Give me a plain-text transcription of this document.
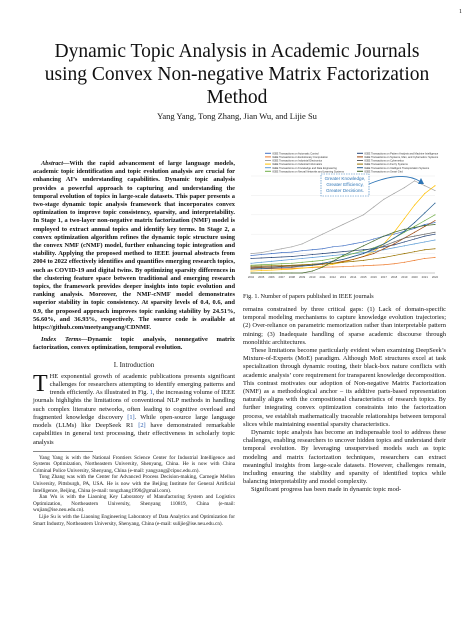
1
Dynamic Topic Analysis in Academic Journals
using Convex Non-negative Matrix Factorization
Method
Yang Yang, Tong Zhang, Jian Wu, and Lijie Su

Abstract—With the rapid advancement of large language models, academic topic identification and topic evolution analysis are crucial for enhancing AI’s understanding capabilities. Dynamic topic analysis provides a powerful approach to capturing and understanding the temporal evolution of topics in large-scale datasets. This paper presents a two-stage dynamic topic analysis framework that incorporates convex optimization to improve topic consistency, sparsity, and interpretability. In Stage 1, a two-layer non-negative matrix factorization (NMF) model is employed to extract annual topics and identify key terms. In Stage 2, a convex optimization algorithm refines the dynamic topic structure using the convex NMF (cNMF) model, further enhancing topic integration and stability. Applying the proposed method to IEEE journal abstracts from 2004 to 2022 effectively identifies and quantifies emerging research topics, such as COVID-19 and digital twins. By optimizing sparsity differences in the clustering feature space between traditional and emerging research topics, the framework provides deeper insights into topic evolution and ranking analysis. Moreover, the NMF-cNMF model demonstrates superior stability in topic consistency. At sparsity levels of 0.4, 0.6, and 0.9, the proposed approach improves topic ranking stability by 24.51%, 56.60%, and 36.93%, respectively. The source code is available at https://github.com/meetyangyang/CDNMF.

Index Terms—Dynamic topic analysis, nonnegative matrix factorization, convex optimization, temporal evolution.

I. Introduction

THE exponential growth of academic publications presents significant challenges for researchers attempting to identify emerging patterns and trends efficiently. As illustrated in Fig. 1, the increasing volume of IEEE journals highlights the limitations of conventional NLP methods in handling such complex literature networks, often leading to cognitive overload and fragmented knowledge discovery [1]. While open-source large language models (LLMs) like DeepSeek R1 [2] have demonstrated remarkable capabilities in general text processing, their effectiveness in scholarly topic analysis

Yang Yang is with the National Frontiers Science Center for Industrial Intelligence and Systems Optimization, Northeastern University, Shenyang, China. He is now with China Criminal Police University, Shenyang, China (e-mail: yangyang@cipuc.edu.cn).

Tong Zhang was with the Center for Advanced Process Decision-making, Carnegie Mellon University, Pittsburgh, PA, USA. He is now with the Beijing Institute for General Artificial Intelligence, Beijing, China (e-mail: tongzhang1990@gmail.com).

Jian Wu is with the Liaoning Key Laboratory of Manufacturing System and Logistics Optimization, Northeastern University, Shenyang 110819, China (e-mail: wujian@ise.neu.edu.cn).

Lijie Su is with the Liaoning Engineering Laboratory of Data Analytics and Optimization for Smart Industry, Northeastern University, Shenyang, China (e-mail: sulijie@ise.neu.edu.cn).

IEEE Transactions on Automatic Control
IEEE Transactions on Evolutionary Computation
IEEE Transactions on Industrial Electronics
IEEE Transactions on Industrial Informatics
IEEE Transactions on Knowledge and Data Engineering
IEEE Transactions on Neural Networks and Learning Systems
IEEE Transactions on Pattern Analysis and Machine Intelligence
IEEE Transactions on Systems, Man, and Cybernetics: Systems
IEEE Transactions on Cybernetics
IEEE Transactions on Fuzzy Systems
IEEE Transactions on Intelligent Transportation Systems
IEEE Transactions on Smart Grid
2004 2005 2006 2007 2008 2009 2010 2011 2012 2013 2014 2015 2016 2017 2018 2019 2020 2021 2022
Greater Knowledge,
Greater Efficiency,
Greater Decisions.
Fig. 1. Number of papers published in IEEE journals

remains constrained by three critical gaps: (1) Lack of domain-specific temporal modeling mechanisms to capture knowledge evolution trajectories; (2) Over-reliance on parametric memorization rather than interpretable pattern mining; (3) Inadequate handling of sparse academic discourse through monolithic architectures.

These limitations become particularly evident when examining DeepSeek’s Mixture-of-Experts (MoE) paradigm. Although MoE structures excel at task specialization through dynamic routing, their black-box nature conflicts with academic analysis’ core requirement for transparent knowledge decomposition. This contrast motivates our adoption of Non-negative Matrix Factorization (NMF) as a methodological anchor – its additive parts-based representation naturally aligns with the compositional characteristics of research topics. By further integrating convex optimization constraints into the factorization process, we establish mathematically traceable relationships between temporal slices while maintaining essential sparsity characteristics.

Dynamic topic analysis has become an indispensable tool to address these challenges, enabling researchers to uncover hidden topics and understand their temporal evolution. By leveraging unsupervised models such as topic modeling and matrix factorization techniques, researchers can extract meaningful insights from large-scale datasets. However, challenges remain, including ensuring the stability and sparsity of identified topics while balancing interpretability and model complexity.

Significant progress has been made in dynamic topic mod-
